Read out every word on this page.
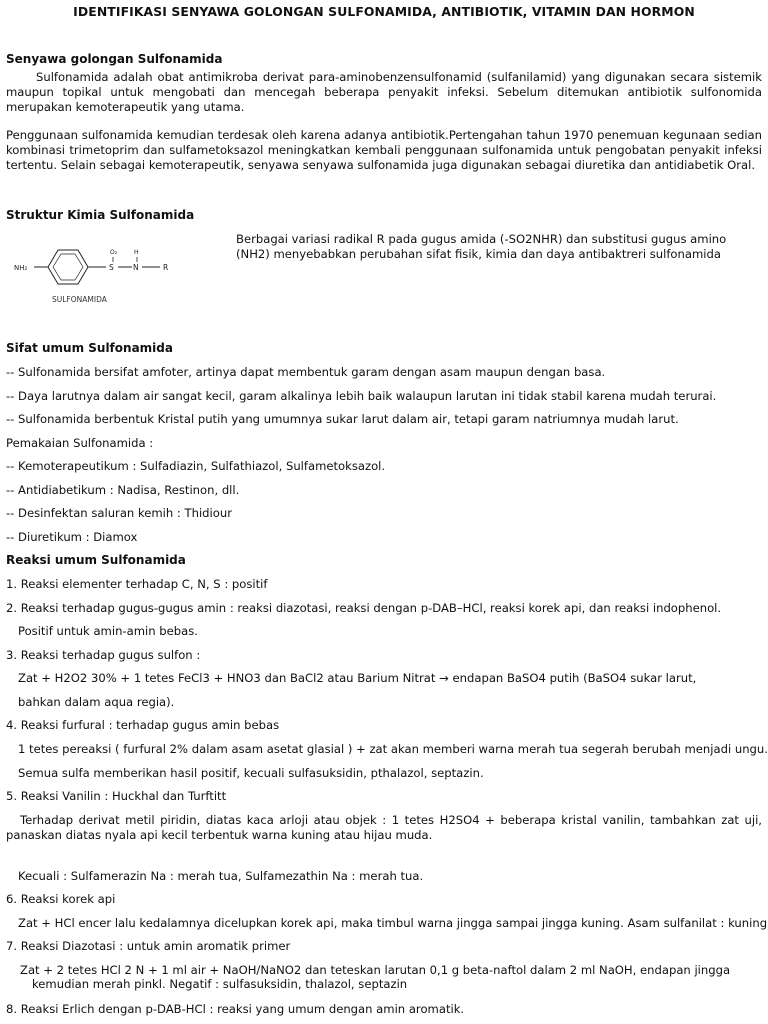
IDENTIFIKASI SENYAWA GOLONGAN SULFONAMIDA, ANTIBIOTIK, VITAMIN DAN HORMON
Senyawa golongan Sulfonamida
Sulfonamida adalah obat antimikroba derivat para-aminobenzensulfonamid (sulfanilamid) yang digunakan secara sistemik maupun topikal untuk mengobati dan mencegah beberapa penyakit infeksi. Sebelum ditemukan antibiotik sulfonomida merupakan kemoterapeutik yang utama.
Penggunaan sulfonamida kemudian terdesak oleh karena adanya antibiotik.Pertengahan tahun 1970 penemuan kegunaan sedian kombinasi trimetoprim dan sulfametoksazol meningkatkan kembali penggunaan sulfonamida untuk pengobatan penyakit infeksi tertentu. Selain sebagai kemoterapeutik, senyawa senyawa sulfonamida juga digunakan sebagai diuretika dan antidiabetik Oral.
Struktur Kimia Sulfonamida
NH₂
O₂
S
H
N	R
SULFONAMIDA
Berbagai variasi radikal R pada gugus amida (-SO2NHR) dan substitusi gugus amino (NH2) menyebabkan perubahan sifat fisik, kimia dan daya antibaktreri sulfonamida
Sifat umum Sulfonamida
-- Sulfonamida bersifat amfoter, artinya dapat membentuk garam dengan asam maupun dengan basa.
-- Daya larutnya dalam air sangat kecil, garam alkalinya lebih baik walaupun larutan ini tidak stabil karena mudah terurai.
-- Sulfonamida berbentuk Kristal putih yang umumnya sukar larut dalam air, tetapi garam natriumnya mudah larut.
Pemakaian Sulfonamida :
-- Kemoterapeutikum : Sulfadiazin, Sulfathiazol, Sulfametoksazol.
-- Antidiabetikum : Nadisa, Restinon, dll.
-- Desinfektan saluran kemih : Thidiour
-- Diuretikum : Diamox
Reaksi umum Sulfonamida
1. Reaksi elementer terhadap C, N, S : positif
2. Reaksi terhadap gugus-gugus amin : reaksi diazotasi, reaksi dengan p-DAB–HCl, reaksi korek api, dan reaksi indophenol.
Positif untuk amin-amin bebas.
3. Reaksi terhadap gugus sulfon :
Zat + H2O2 30% + 1 tetes FeCl3 + HNO3 dan BaCl2 atau Barium Nitrat → endapan BaSO4 putih (BaSO4 sukar larut,
bahkan dalam aqua regia).
4. Reaksi furfural : terhadap gugus amin bebas
1 tetes pereaksi ( furfural 2% dalam asam asetat glasial ) + zat akan memberi warna merah tua segerah berubah menjadi ungu.
Semua sulfa memberikan hasil positif, kecuali sulfasuksidin, pthalazol, septazin.
5. Reaksi Vanilin : Huckhal dan Turftitt
Terhadap derivat metil piridin, diatas kaca arloji atau objek : 1 tetes H2SO4 + beberapa kristal vanilin, tambahkan zat uji, panaskan diatas nyala api kecil terbentuk warna kuning atau hijau muda.
Kecuali : Sulfamerazin Na : merah tua, Sulfamezathin Na : merah tua.
6. Reaksi korek api
Zat + HCl encer lalu kedalamnya dicelupkan korek api, maka timbul warna jingga sampai jingga kuning. Asam sulfanilat : kuning
7. Reaksi Diazotasi : untuk amin aromatik primer
Zat + 2 tetes HCl 2 N + 1 ml air + NaOH/NaNO2 dan teteskan larutan 0,1 g beta-naftol dalam 2 ml NaOH, endapan jingga
kemudian merah pinkl. Negatif : sulfasuksidin, thalazol, septazin
8. Reaksi Erlich dengan p-DAB-HCl : reaksi yang umum dengan amin aromatik.
